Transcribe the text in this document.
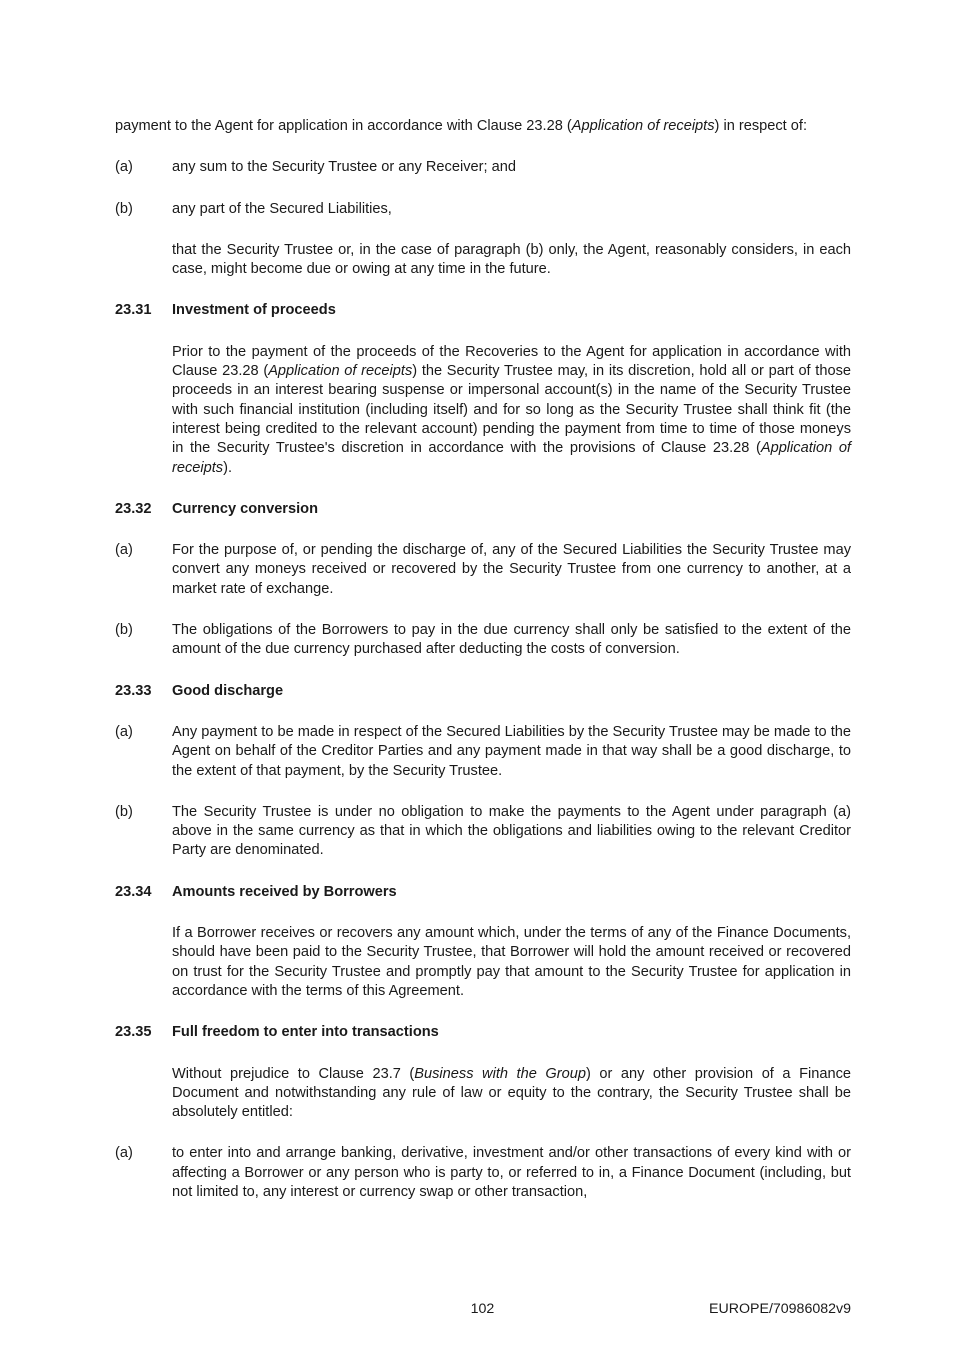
payment to the Agent for application in accordance with Clause 23.28 (Application of receipts) in respect of:

(a)	any sum to the Security Trustee or any Receiver; and

(b)	any part of the Secured Liabilities,

that the Security Trustee or, in the case of paragraph (b) only, the Agent, reasonably considers, in each case, might become due or owing at any time in the future.

23.31	Investment of proceeds

Prior to the payment of the proceeds of the Recoveries to the Agent for application in accordance with Clause 23.28 (Application of receipts) the Security Trustee may, in its discretion, hold all or part of those proceeds in an interest bearing suspense or impersonal account(s) in the name of the Security Trustee with such financial institution (including itself) and for so long as the Security Trustee shall think fit (the interest being credited to the relevant account) pending the payment from time to time of those moneys in the Security Trustee's discretion in accordance with the provisions of Clause 23.28 (Application of receipts).

23.32	Currency conversion
(a)	For the purpose of, or pending the discharge of, any of the Secured Liabilities the Security Trustee may convert any moneys received or recovered by the Security Trustee from one currency to another, at a market rate of exchange.

(b)	The obligations of the Borrowers to pay in the due currency shall only be satisfied to the extent of the amount of the due currency purchased after deducting the costs of conversion.

23.33	Good discharge
(a)	Any payment to be made in respect of the Secured Liabilities by the Security Trustee may be made to the Agent on behalf of the Creditor Parties and any payment made in that way shall be a good discharge, to the extent of that payment, by the Security Trustee.

(b)	The Security Trustee is under no obligation to make the payments to the Agent under paragraph (a) above in the same currency as that in which the obligations and liabilities owing to the relevant Creditor Party are denominated.

23.34	Amounts received by Borrowers

If a Borrower receives or recovers any amount which, under the terms of any of the Finance Documents, should have been paid to the Security Trustee, that Borrower will hold the amount received or recovered on trust for the Security Trustee and promptly pay that amount to the Security Trustee for application in accordance with the terms of this Agreement.

23.35	Full freedom to enter into transactions

Without prejudice to Clause 23.7 (Business with the Group) or any other provision of a Finance Document and notwithstanding any rule of law or equity to the contrary, the Security Trustee shall be absolutely entitled:

(a)	to enter into and arrange banking, derivative, investment and/or other transactions of every kind with or affecting a Borrower or any person who is party to, or referred to in, a Finance Document (including, but not limited to, any interest or currency swap or other transaction,

102	EUROPE/70986082v9
